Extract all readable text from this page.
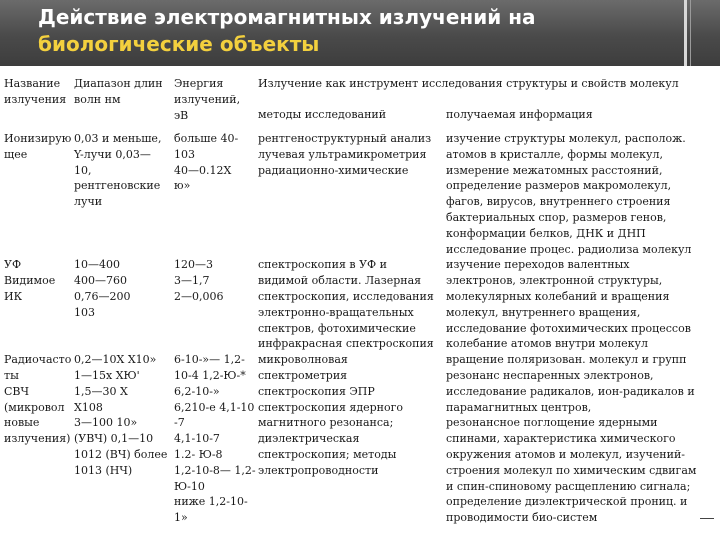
Действие электромагнитных излучений на
биологические объекты
Название
излучения
Диапазон длин
волн нм
Энергия
излучений,
эВ
Излучение как инструмент исследования структуры и свойств молекул
методы исследований	получаемая информация
Ионизирую
щее
УФ
Видимое
ИК
Радиочасто
ты
СВЧ
(микровол
новые
излучения)
0,03 и меньше,
Y-лучи 0,03—
10,
рентгеновские
лучи
10—400
400—760
0,76—200
103
0,2—10X X10»
1—15x XЮ'
1,5—30 X
X108
3—100 10»
(УВЧ) 0,1—10
1012 (ВЧ) более
1013 (НЧ)
больше 40-
103
40—0.12X
ю»
120—3
3—1,7
2—0,006
6-10-»— 1,2-
10-4 1,2-Ю-*
6,2-10-»
6,210-e 4,1-10
-7
4,1-10-7
1.2- Ю-8
1,2-10-8— 1,2-
Ю-10
ниже 1,2-10-
1»
рентгеноструктурный анализ
лучевая ультрамикрометрия
радиационно-химические
спектроскопия в УФ и
видимой области. Лазерная
спектроскопия, исследования
электронно-вращательных
спектров, фотохимические
инфракрасная спектроскопия
микроволновая
спектрометрия
спектроскопия ЭПР
спектроскопия ядерного
магнитного резонанса;
диэлектрическая
спектроскопия; методы
электропроводности
изучение структуры молекул, располож.
атомов в кристалле, формы молекул,
измерение межатомных расстояний,
определение размеров макромолекул,
фагов, вирусов, внутреннего строения
бактериальных спор, размеров генов,
конформации белков, ДНК и ДНП
исследование процес. радиолиза молекул
изучение переходов валентных
электронов, электронной структуры,
молекулярных колебаний и вращения
молекул, внутреннего вращения,
исследование фотохимических процессов
колебание атомов внутри молекул
вращение поляризован. молекул и групп
резонанс неспаренных электронов,
исследование радикалов, ион-радикалов и
парамагнитных центров,
резонансное поглощение ядерными
спинами, характеристика химического
окружения атомов и молекул, изучений-
строения молекул по химическим сдвигам
и спин-спиновому расщеплению сигнала;
определение диэлектрической прониц. и
проводимости био-систем
